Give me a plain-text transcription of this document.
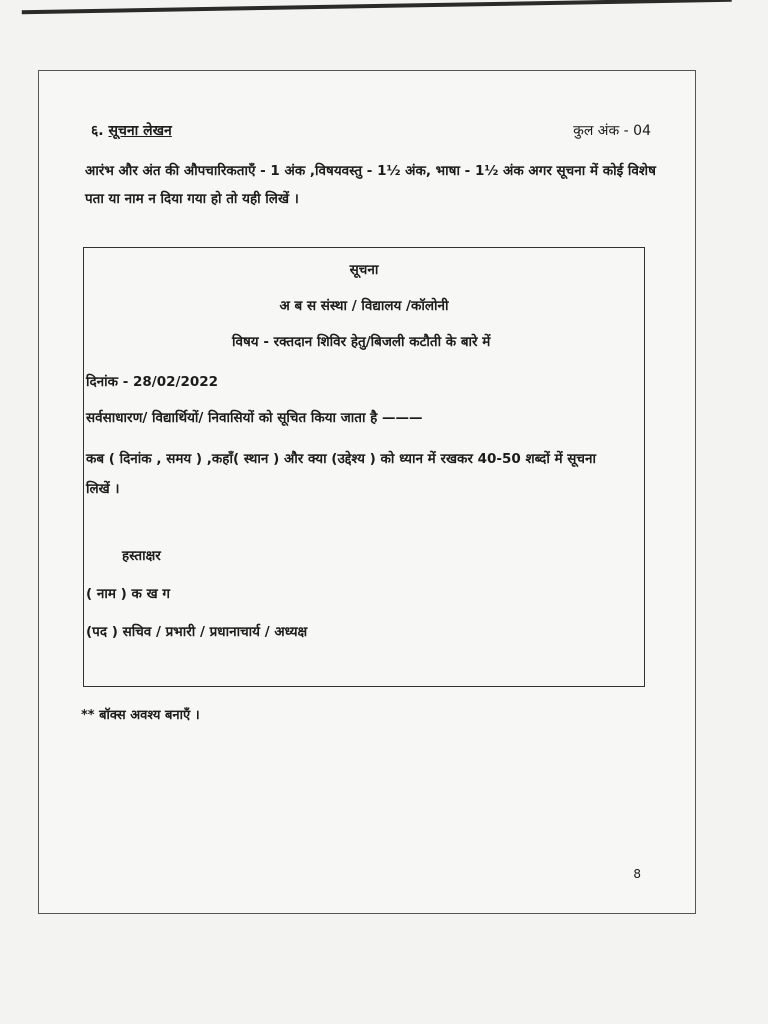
६. सूचना लेखन	कुल अंक - 04
आरंभ और अंत की औपचारिकताएँ - 1 अंक ,विषयवस्तु - 1½ अंक, भाषा - 1½ अंक अगर सूचना में कोई विशेष पता या नाम न दिया गया हो तो यही लिखें ।
सूचना
अ ब स संस्था / विद्यालय /कॉलोनी
विषय - रक्तदान शिविर हेतु/बिजली कटौती के बारे में
दिनांक - 28/02/2022
सर्वसाधारण/ विद्यार्थियों/ निवासियों को सूचित किया जाता है ———
कब ( दिनांक , समय ) ,कहाँ( स्थान ) और क्या (उद्देश्य ) को ध्यान में रखकर 40-50 शब्दों में सूचना लिखें ।
हस्ताक्षर
( नाम ) क ख ग
(पद ) सचिव / प्रभारी / प्रधानाचार्य / अध्यक्ष
** बॉक्स अवश्य बनाएँ ।
8
